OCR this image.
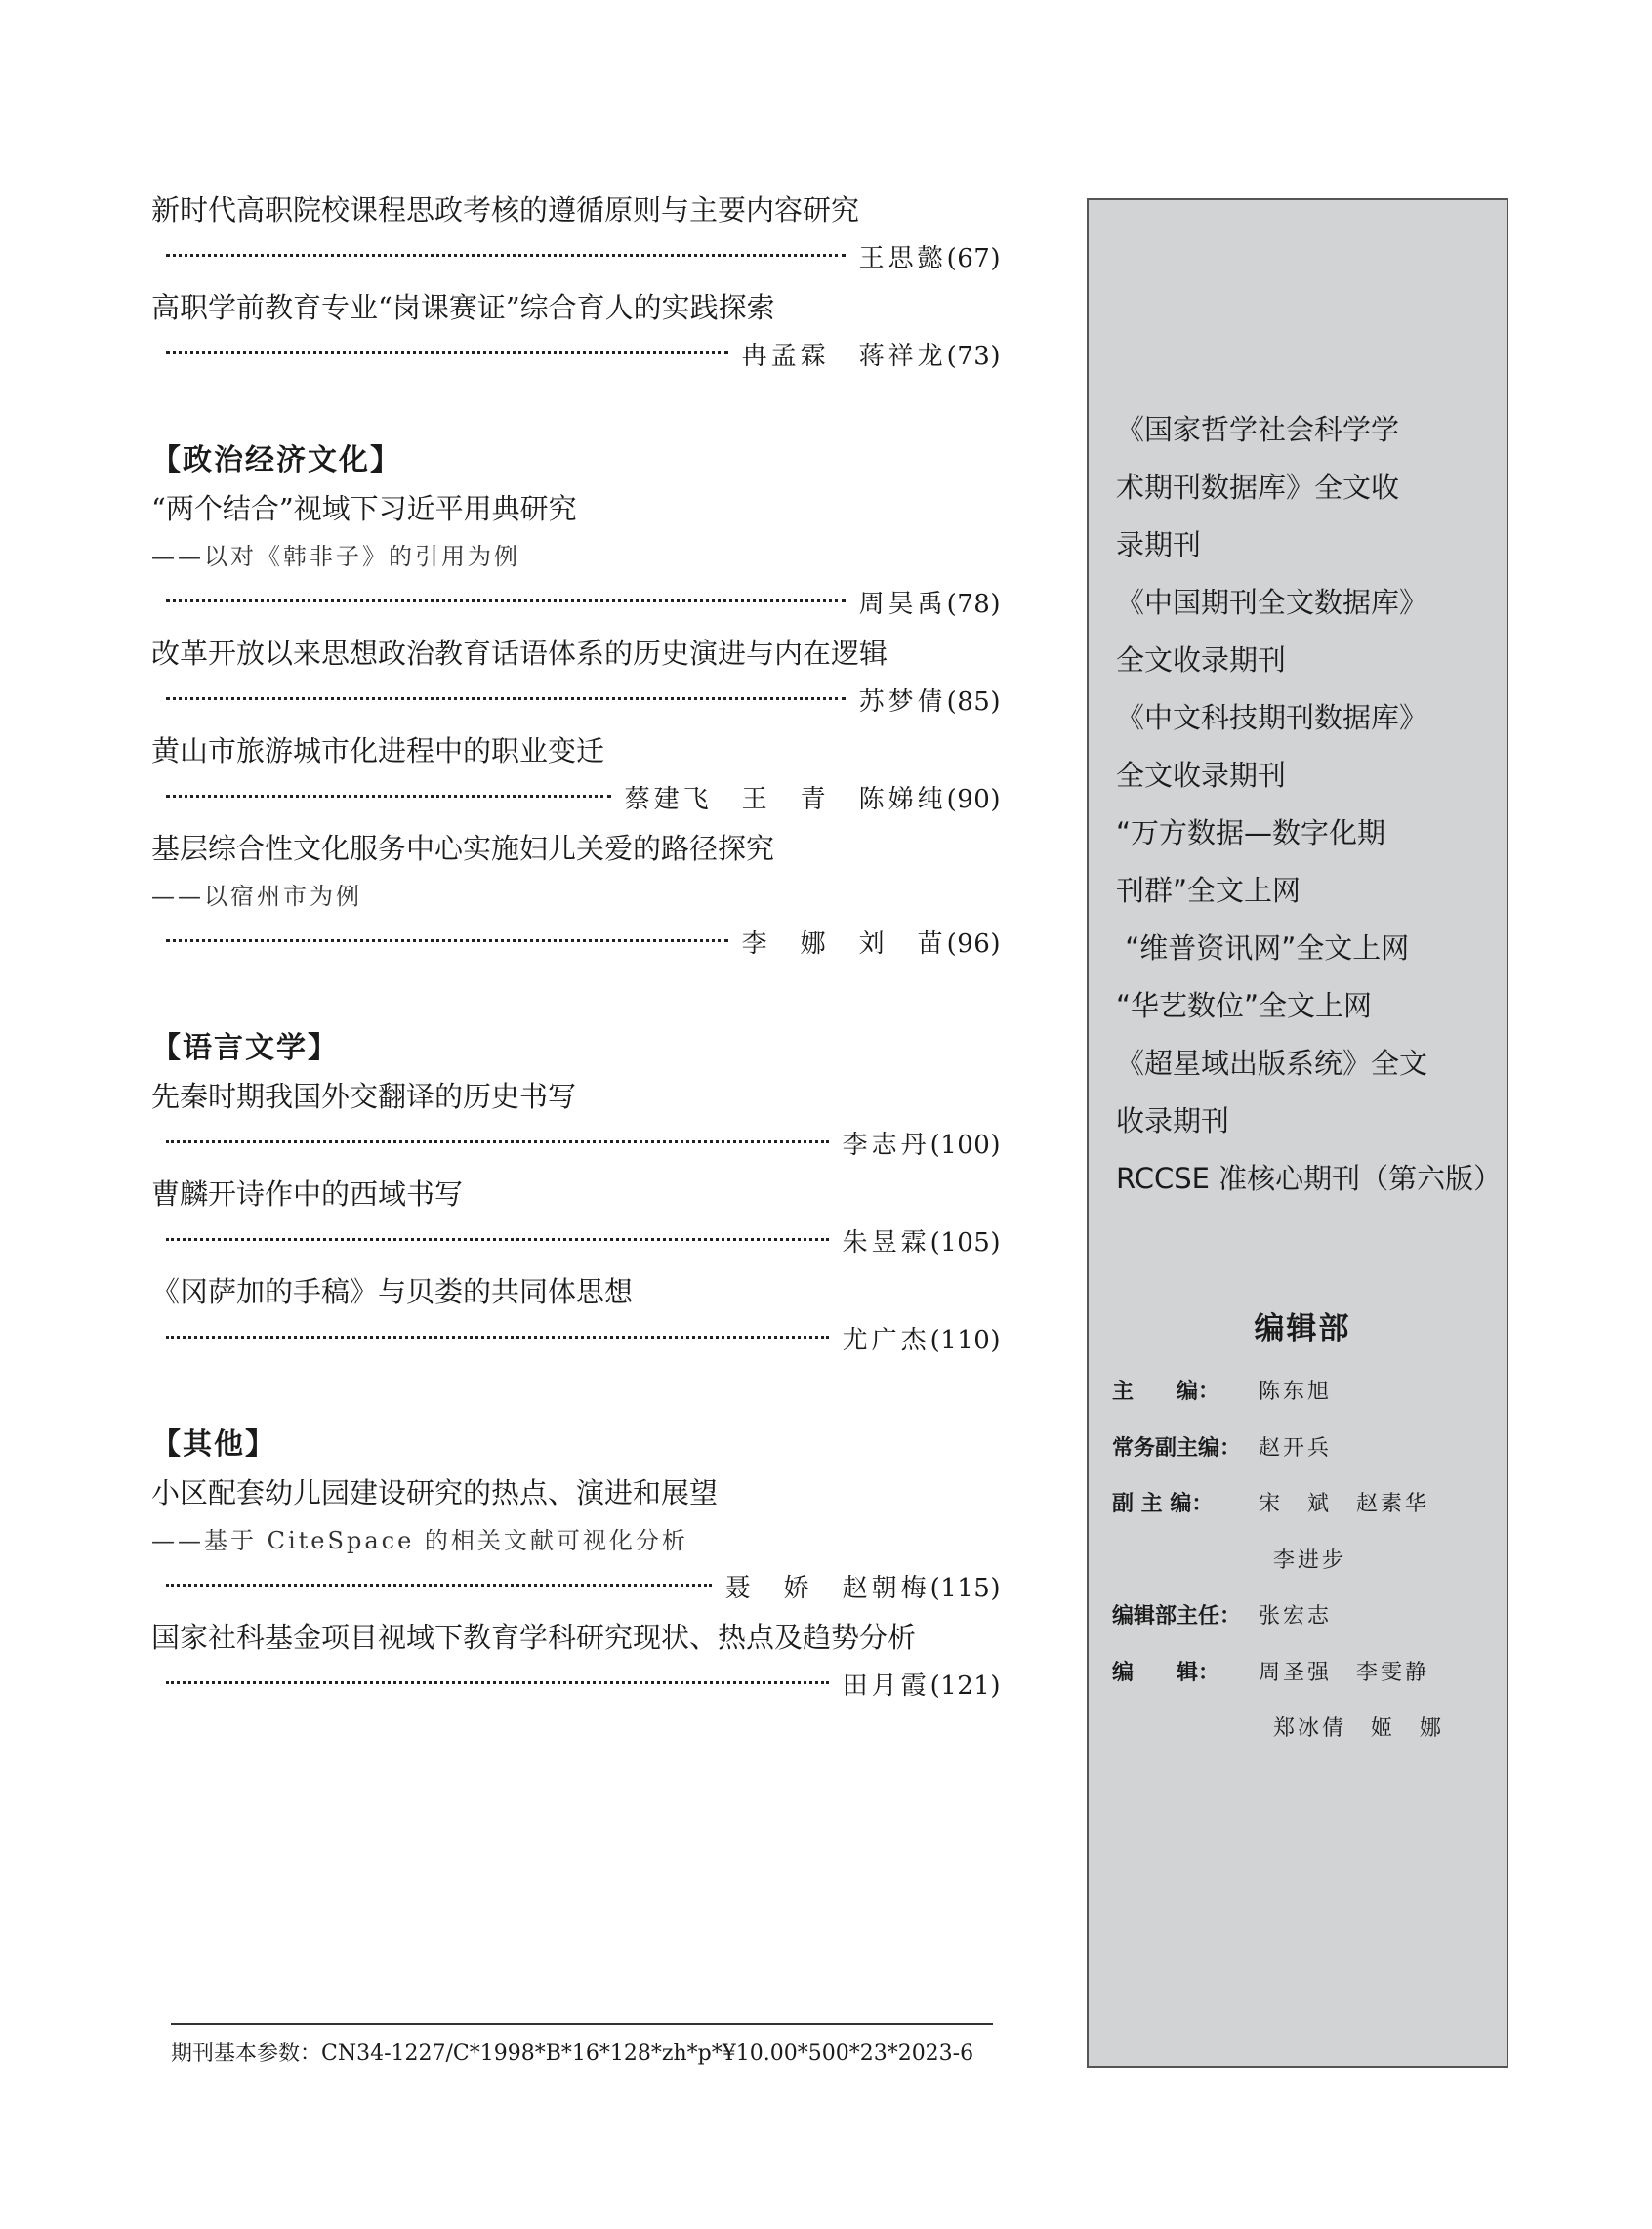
新时代高职院校课程思政考核的遵循原则与主要内容研究
王思懿(67)
高职学前教育专业“岗课赛证”综合育人的实践探索
冉孟霖　蒋祥龙(73)
【政治经济文化】
“两个结合”视域下习近平用典研究
——以对《韩非子》的引用为例
周昊禹(78)
改革开放以来思想政治教育话语体系的历史演进与内在逻辑
苏梦倩(85)
黄山市旅游城市化进程中的职业变迁
蔡建飞　王　青　陈娣纯(90)
基层综合性文化服务中心实施妇儿关爱的路径探究
——以宿州市为例
李　娜　刘　苗(96)
【语言文学】
先秦时期我国外交翻译的历史书写
李志丹(100)
曹麟开诗作中的西域书写
朱昱霖(105)
《冈萨加的手稿》与贝娄的共同体思想
尤广杰(110)
【其他】
小区配套幼儿园建设研究的热点、演进和展望
——基于 CiteSpace 的相关文献可视化分析
聂　娇　赵朝梅(115)
国家社科基金项目视域下教育学科研究现状、热点及趋势分析
田月霞(121)
期刊基本参数：CN34-1227/C*1998*B*16*128*zh*p*¥10.00*500*23*2023-6
《国家哲学社会科学学
术期刊数据库》全文收
录期刊
《中国期刊全文数据库》
全文收录期刊
《中文科技期刊数据库》
全文收录期刊
“万方数据—数字化期
刊群”全文上网
“维普资讯网”全文上网
“华艺数位”全文上网
《超星域出版系统》全文
收录期刊
RCCSE 准核心期刊（第六版）
编辑部
主　　编：	陈东旭
常务副主编： 赵开兵
副 主 编：	宋　斌　赵素华
李进步
编辑部主任： 张宏志
编　　辑：	周圣强　李雯静
郑冰倩　姬　娜
